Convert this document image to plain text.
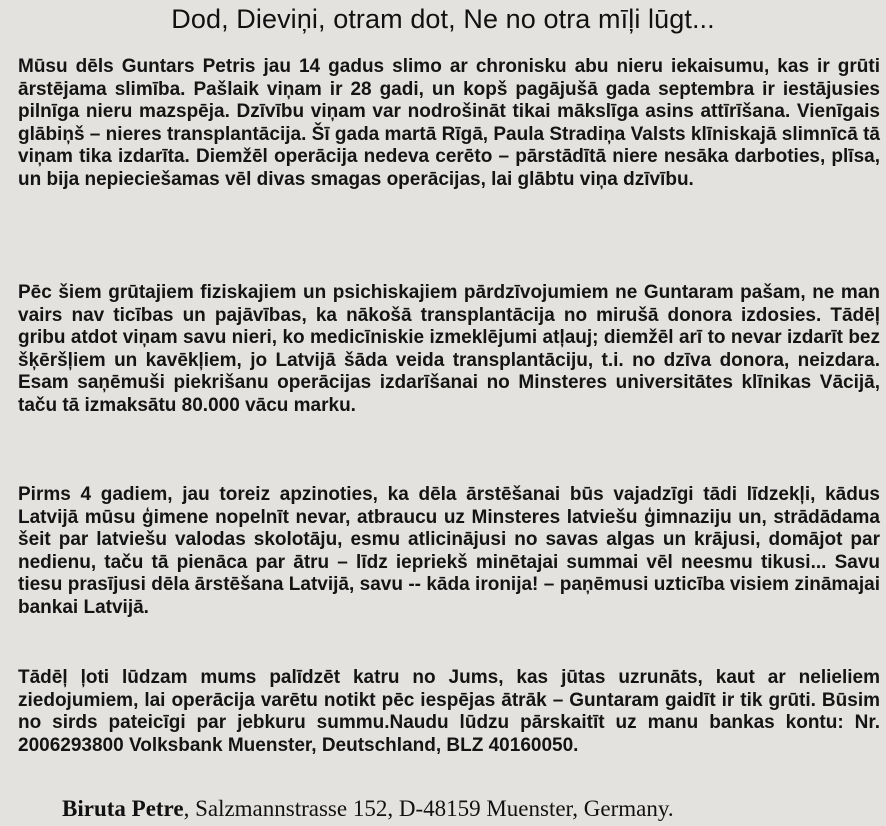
Dod, Dieviņi, otram dot, Ne no otra mīļi lūgt...

Mūsu dēls Guntars Petris jau 14 gadus slimo ar chronisku abu nieru iekaisumu, kas ir grūti ārstējama slimība. Pašlaik viņam ir 28 gadi, un kopš pagājušā gada septembra ir iestājusies pilnīga nieru mazspēja. Dzīvību viņam var nodrošināt tikai mākslīga asins attīrīšana. Vienīgais glābiņš – nieres transplantācija. Šī gada martā Rīgā, Paula Stradiņa Valsts klīniskajā slimnīcā tā viņam tika izdarīta. Diemžēl operācija nedeva cerēto – pārstādītā niere nesāka darboties, plīsa, un bija nepieciešamas vēl divas smagas operācijas, lai glābtu viņa dzīvību.

Pēc šiem grūtajiem fiziskajiem un psichiskajiem pārdzīvojumiem ne Guntaram pašam, ne man vairs nav ticības un pajāvības, ka nākošā transplantācija no mirušā donora izdosies. Tādēļ gribu atdot viņam savu nieri, ko medicīniskie izmeklējumi atļauj; diemžēl arī to nevar izdarīt bez šķēršļiem un kavēkļiem, jo Latvijā šāda veida transplantāciju, t.i. no dzīva donora, neizdara. Esam saņēmuši piekrišanu operācijas izdarīšanai no Minsteres universitātes klīnikas Vācijā, taču tā izmaksātu 80.000 vācu marku.

Pirms 4 gadiem, jau toreiz apzinoties, ka dēla ārstēšanai būs vajadzīgi tādi līdzekļi, kādus Latvijā mūsu ģimene nopelnīt nevar, atbraucu uz Minsteres latviešu ģimnaziju un, strādādama šeit par latviešu valodas skolotāju, esmu atlicinājusi no savas algas un krājusi, domājot par nedienu, taču tā pienāca par ātru – līdz iepriekš minētajai summai vēl neesmu tikusi... Savu tiesu prasījusi dēla ārstēšana Latvijā, savu -- kāda ironija! – paņēmusi uzticība visiem zināmajai bankai Latvijā.

Tādēļ ļoti lūdzam mums palīdzēt katru no Jums, kas jūtas uzrunāts, kaut ar nelieliem ziedojumiem, lai operācija varētu notikt pēc iespējas ātrāk – Guntaram gaidīt ir tik grūti. Būsim no sirds pateicīgi par jebkuru summu.Naudu lūdzu pārskaitīt uz manu bankas kontu: Nr. 2006293800 Volksbank Muenster, Deutschland, BLZ 40160050.

Biruta Petre, Salzmannstrasse 152, D-48159 Muenster, Germany.
